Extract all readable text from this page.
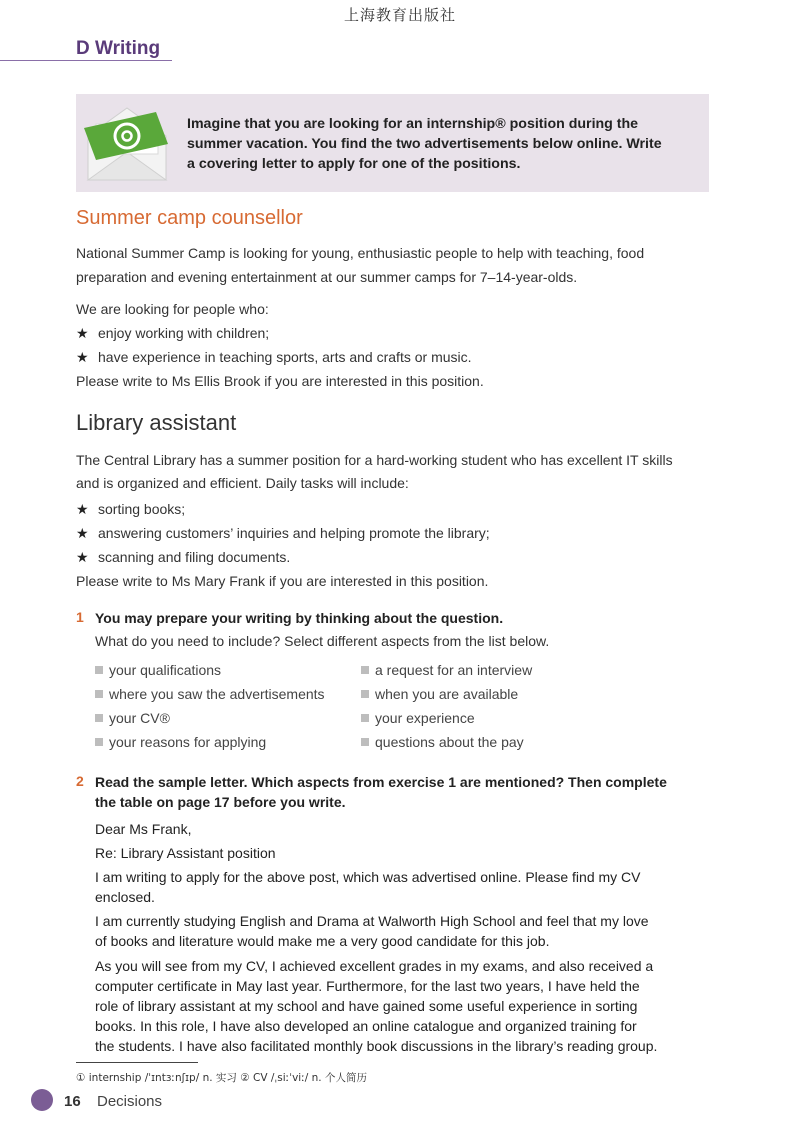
上海教育出版社
D Writing
Imagine that you are looking for an internship® position during the
summer vacation. You find the two advertisements below online. Write
a covering letter to apply for one of the positions.
Summer camp counsellor
National Summer Camp is looking for young, enthusiastic people to help with teaching, food
preparation and evening entertainment at our summer camps for 7–14-year-olds.
We are looking for people who:
★ enjoy working with children;
★ have experience in teaching sports, arts and crafts or music.
Please write to Ms Ellis Brook if you are interested in this position.
Library assistant
The Central Library has a summer position for a hard-working student who has excellent IT skills
and is organized and efficient. Daily tasks will include:
★ sorting books;
★ answering customers’ inquiries and helping promote the library;
★ scanning and filing documents.
Please write to Ms Mary Frank if you are interested in this position.
1 You may prepare your writing by thinking about the question.
What do you need to include? Select different aspects from the list below.
your qualifications
where you saw the advertisements
your CV®
your reasons for applying
a request for an interview
when you are available
your experience
questions about the pay
2 Read the sample letter. Which aspects from exercise 1 are mentioned? Then complete
the table on page 17 before you write.
Dear Ms Frank,
Re: Library Assistant position
I am writing to apply for the above post, which was advertised online. Please find my CV
enclosed.
I am currently studying English and Drama at Walworth High School and feel that my love
of books and literature would make me a very good candidate for this job.
As you will see from my CV, I achieved excellent grades in my exams, and also received a
computer certificate in May last year. Furthermore, for the last two years, I have held the
role of library assistant at my school and have gained some useful experience in sorting
books. In this role, I have also developed an online catalogue and organized training for
the students. I have also facilitated monthly book discussions in the library’s reading group.
① internship /ˈɪntɜːnʃɪp/ n. 实习 ② CV /ˌsiːˈviː/ n. 个人简历
16 Decisions
